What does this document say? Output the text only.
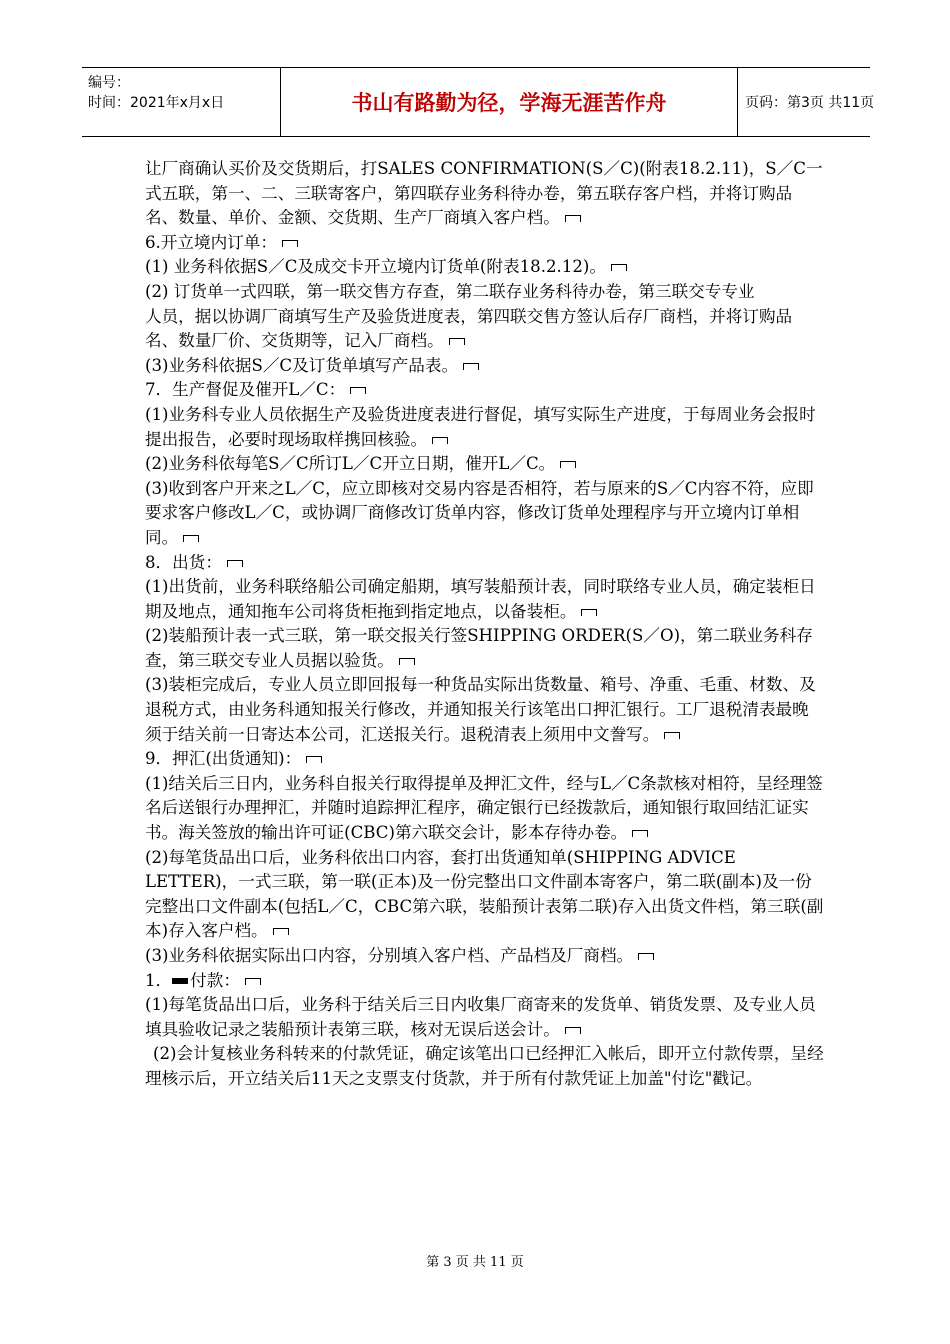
编号：
时间：2021年x月x日	书山有路勤为径，学海无涯苦作舟	页码：第3页 共11页

让厂商确认买价及交货期后，打SALES CONFIRMATION(S／C)(附表18.2.11)，S／C一式五联，第一、二、三联寄客户，第四联存业务科待办卷，第五联存客户档，并将订购品名、数量、单价、金额、交货期、生产厂商填入客户档。

6.开立境内订单：

(1) 业务科依据S／C及成交卡开立境内订货单(附表18.2.12)。

(2) 订货单一式四联，第一联交售方存查，第二联存业务科待办卷，第三联交专专业

人员，据以协调厂商填写生产及验货进度表，第四联交售方签认后存厂商档，并将订购品名、数量厂价、交货期等，记入厂商档。

(3)业务科依据S／C及订货单填写产品表。

7．生产督促及催开L／C：

(1)业务科专业人员依据生产及验货进度表进行督促，填写实际生产进度，于每周业务会报时提出报告，必要时现场取样携回核验。

(2)业务科依每笔S／C所订L／C开立日期，催开L／C。

(3)收到客户开来之L／C，应立即核对交易内容是否相符，若与原来的S／C内容不符，应即要求客户修改L／C，或协调厂商修改订货单内容，修改订货单处理程序与开立境内订单相同。

8．出货：

(1)出货前，业务科联络船公司确定船期，填写装船预计表，同时联络专业人员，确定装柜日期及地点，通知拖车公司将货柜拖到指定地点，以备装柜。

(2)装船预计表一式三联，第一联交报关行签SHIPPING ORDER(S／O)，第二联业务科存查，第三联交专业人员据以验货。

(3)装柜完成后，专业人员立即回报每一种货品实际出货数量、箱号、净重、毛重、材数、及退税方式，由业务科通知报关行修改，并通知报关行该笔出口押汇银行。工厂退税清表最晚须于结关前一日寄达本公司，汇送报关行。退税清表上须用中文誊写。

9．押汇(出货通知)：

(1)结关后三日内，业务科自报关行取得提单及押汇文件，经与L／C条款核对相符，呈经理签名后送银行办理押汇，并随时追踪押汇程序，确定银行已经拨款后，通知银行取回结汇证实书。海关签放的输出许可证(CBC)第六联交会计，影本存待办卷。

(2)每笔货品出口后，业务科依出口内容，套打出货通知单(SHIPPING ADVICE LETTER)，一式三联，第一联(正本)及一份完整出口文件副本寄客户，第二联(副本)及一份完整出口文件副本(包括L／C，CBC第六联，装船预计表第二联)存入出货文件档，第三联(副本)存入客户档。

(3)业务科依据实际出口内容，分别填入客户档、产品档及厂商档。

1． 付款：

(1)每笔货品出口后，业务科于结关后三日内收集厂商寄来的发货单、销货发票、及专业人员填具验收记录之装船预计表第三联，核对无误后送会计。

(2)会计复核业务科转来的付款凭证，确定该笔出口已经押汇入帐后，即开立付款传票，呈经理核示后，开立结关后11天之支票支付货款，并于所有付款凭证上加盖"付讫"戳记。

第 3 页 共 11 页
